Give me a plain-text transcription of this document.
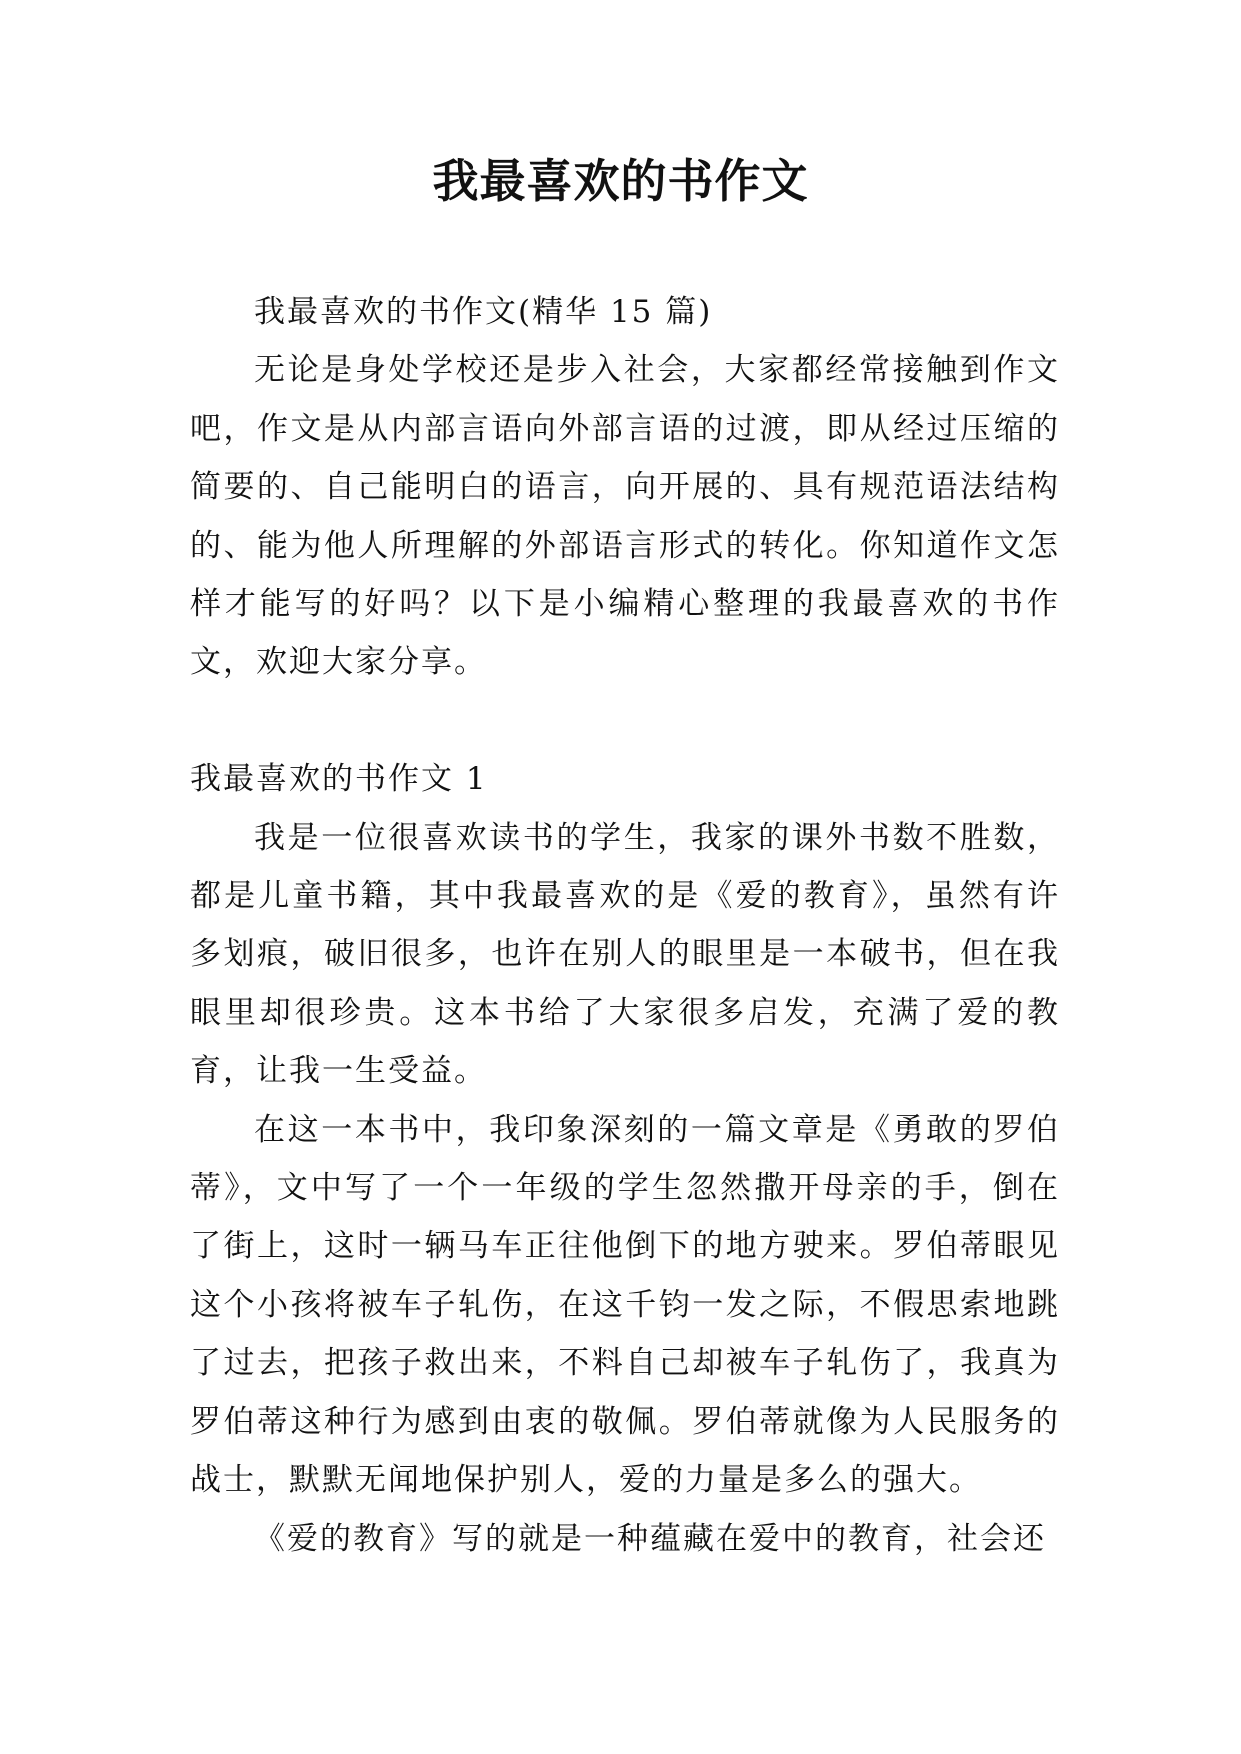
我最喜欢的书作文

我最喜欢的书作文(精华 15 篇)

无论是身处学校还是步入社会，大家都经常接触到作文吧，作文是从内部言语向外部言语的过渡，即从经过压缩的简要的、自己能明白的语言，向开展的、具有规范语法结构的、能为他人所理解的外部语言形式的转化。你知道作文怎样才能写的好吗？以下是小编精心整理的我最喜欢的书作文，欢迎大家分享。

我最喜欢的书作文 1

我是一位很喜欢读书的学生，我家的课外书数不胜数，都是儿童书籍，其中我最喜欢的是《爱的教育》，虽然有许多划痕，破旧很多，也许在别人的眼里是一本破书，但在我眼里却很珍贵。这本书给了大家很多启发，充满了爱的教育，让我一生受益。

在这一本书中，我印象深刻的一篇文章是《勇敢的罗伯蒂》，文中写了一个一年级的学生忽然撒开母亲的手，倒在了街上，这时一辆马车正往他倒下的地方驶来。罗伯蒂眼见这个小孩将被车子轧伤，在这千钧一发之际，不假思索地跳了过去，把孩子救出来，不料自己却被车子轧伤了，我真为罗伯蒂这种行为感到由衷的敬佩。罗伯蒂就像为人民服务的战士，默默无闻地保护别人，爱的力量是多么的强大。

《爱的教育》写的就是一种蕴藏在爱中的教育，社会还
